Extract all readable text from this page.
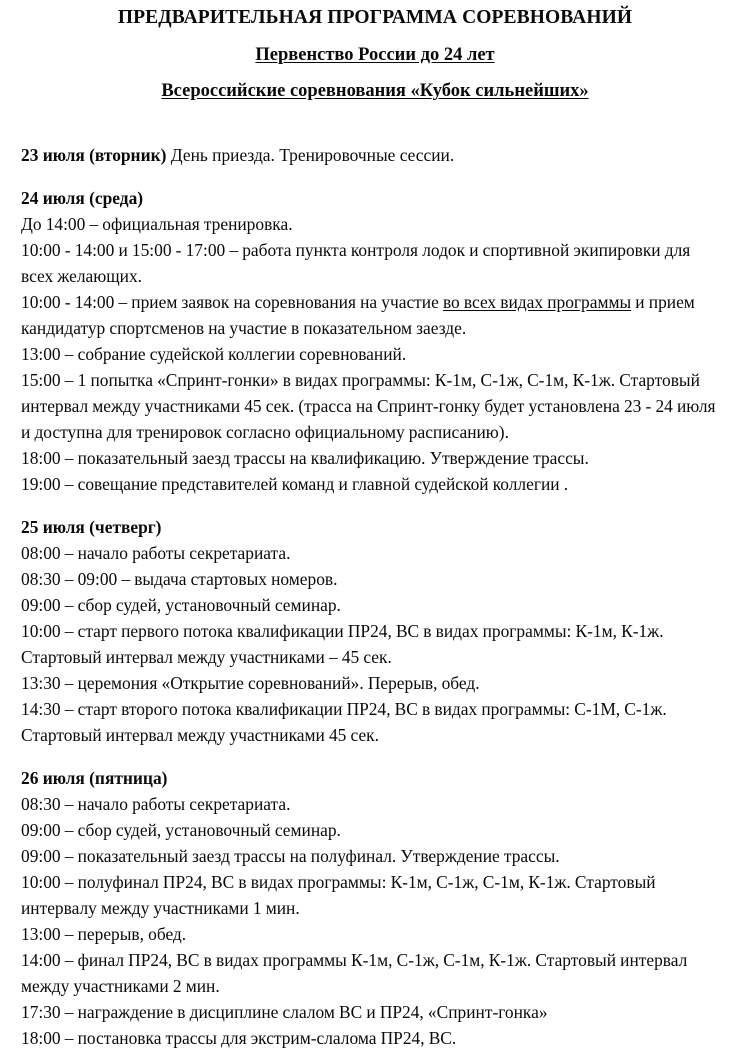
ПРЕДВАРИТЕЛЬНАЯ ПРОГРАММА СОРЕВНОВАНИЙ
Первенство России до 24 лет
Всероссийские соревнования «Кубок сильнейших»
23 июля (вторник) День приезда. Тренировочные сессии.
24 июля (среда)
До 14:00 – официальная тренировка.
10:00 - 14:00 и 15:00 - 17:00 – работа пункта контроля лодок и спортивной экипировки для всех желающих.
10:00 - 14:00 – прием заявок на соревнования на участие во всех видах программы и прием кандидатур спортсменов на участие в показательном заезде.
13:00 – собрание судейской коллегии соревнований.
15:00 – 1 попытка «Спринт-гонки» в видах программы: К-1м, С-1ж, С-1м, К-1ж. Стартовый интервал между участниками 45 сек. (трасса на Спринт-гонку будет установлена 23 - 24 июля и доступна для тренировок согласно официальному расписанию).
18:00 – показательный заезд трассы на квалификацию. Утверждение трассы.
19:00 – совещание представителей команд и главной судейской коллегии .
25 июля (четверг)
08:00 – начало работы секретариата.
08:30 – 09:00 – выдача стартовых номеров.
09:00 – сбор судей, установочный семинар.
10:00 – старт первого потока квалификации ПР24, ВС в видах программы: К-1м, К-1ж. Стартовый интервал между участниками – 45 сек.
13:30 – церемония «Открытие соревнований». Перерыв, обед.
14:30 – старт второго потока квалификации ПР24, ВС в видах программы: С-1М, С-1ж. Стартовый интервал между участниками 45 сек.
26 июля (пятница)
08:30 – начало работы секретариата.
09:00 – сбор судей, установочный семинар.
09:00 – показательный заезд трассы на полуфинал. Утверждение трассы.
10:00 – полуфинал ПР24, ВС в видах программы: К-1м, С-1ж, С-1м, К-1ж. Стартовый интервалу между участниками 1 мин.
13:00 – перерыв, обед.
14:00 – финал ПР24, ВС в видах программы К-1м, С-1ж, С-1м, К-1ж. Стартовый интервал между участниками 2 мин.
17:30 – награждение в дисциплине слалом ВС и ПР24, «Спринт-гонка»
18:00 – постановка трассы для экстрим-слалома ПР24, ВС.
